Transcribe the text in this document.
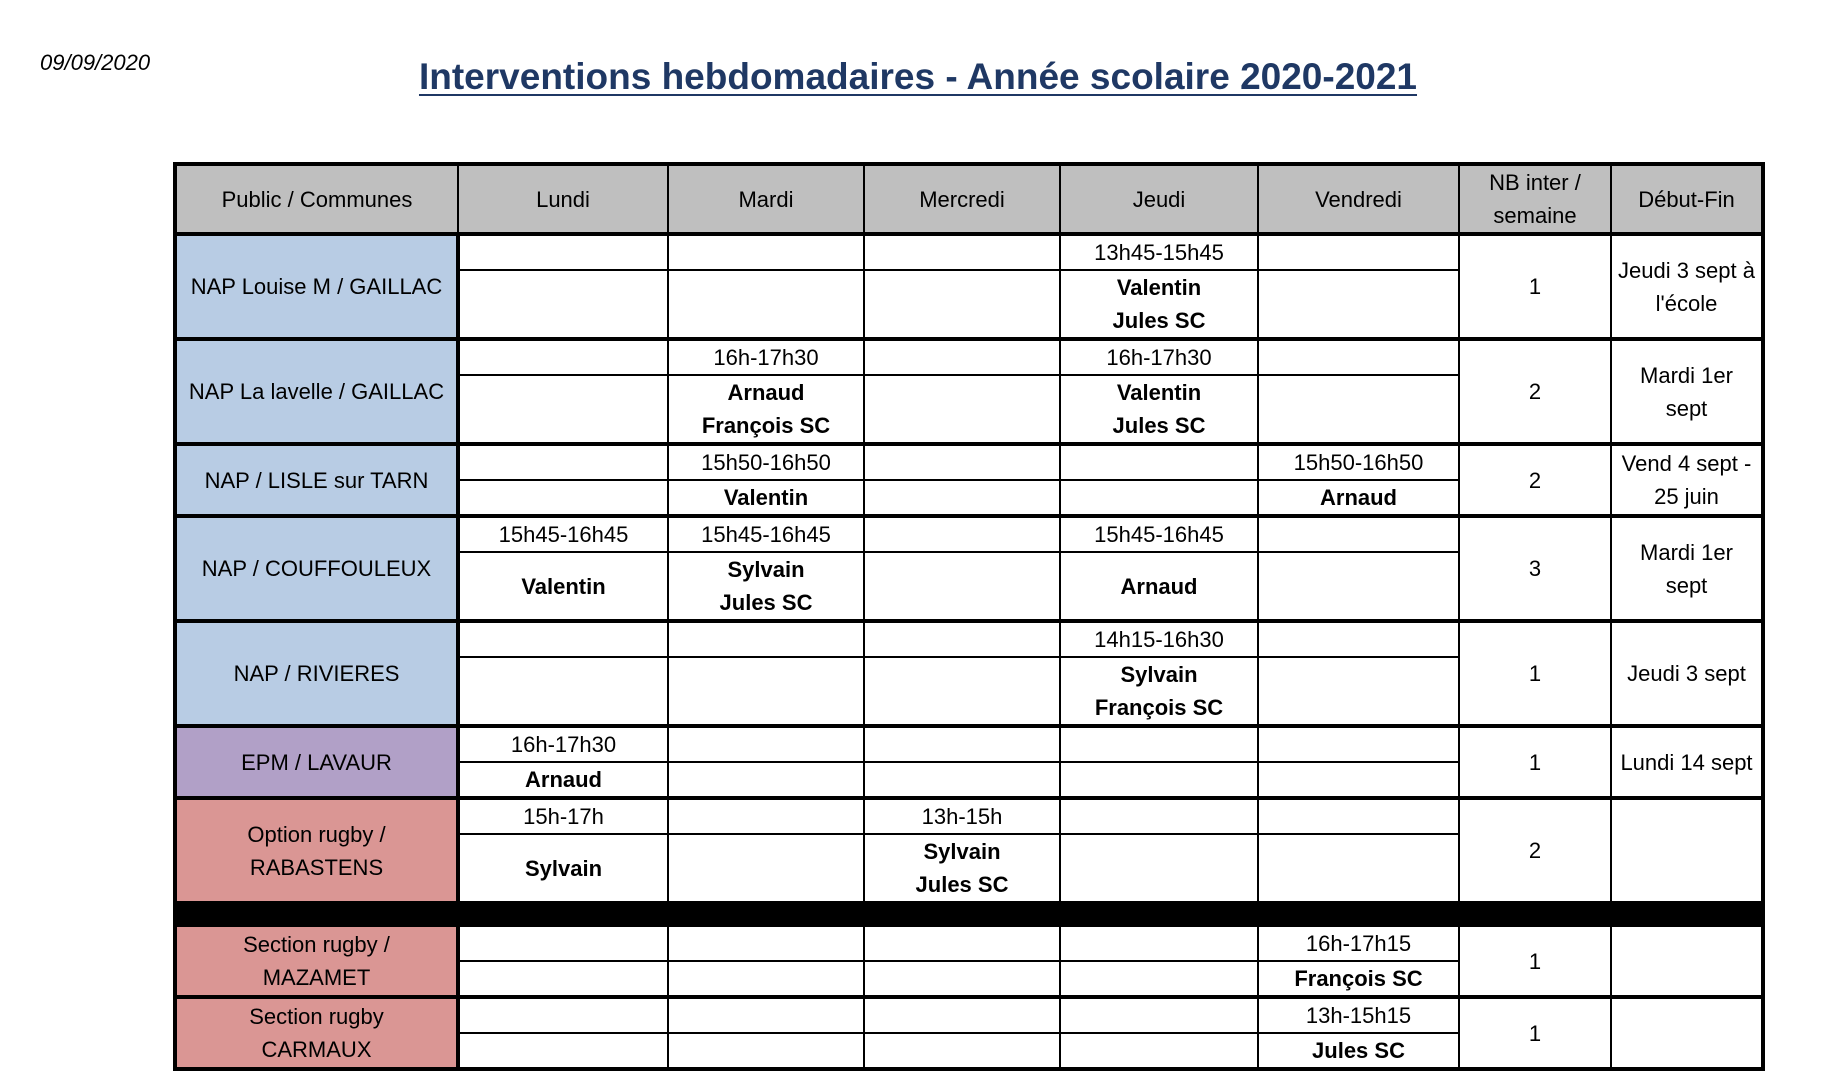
09/09/2020	Interventions hebdomadaires - Année scolaire 2020-2021
Public / Communes	Lundi	Mardi	Mercredi	Jeudi	Vendredi	NB inter /
semaine	Début-Fin
NAP Louise M / GAILLAC				13h45-15h45		1	Jeudi 3 sept à
l'école
				Valentin
Jules SC			
NAP La lavelle / GAILLAC		16h-17h30		16h-17h30		2	Mardi 1er
sept
		Arnaud
François SC		Valentin
Jules SC			
NAP / LISLE sur TARN		15h50-16h50			15h50-16h50	2	Vend 4 sept -
25 juin
		Valentin			Arnaud		
NAP / COUFFOULEUX	15h45-16h45	15h45-16h45		15h45-16h45		3	Mardi 1er
sept
	Valentin	Sylvain
Jules SC		Arnaud			
NAP / RIVIERES				14h15-16h30		1	Jeudi 3 sept
				Sylvain
François SC			
EPM / LAVAUR	16h-17h30					1	Lundi 14 sept
	Arnaud						
Option rugby /
RABASTENS	15h-17h		13h-15h			2	
	Sylvain		Sylvain
Jules SC				

Section rugby /
MAZAMET					16h-17h15	1	
					François SC		
Section rugby
CARMAUX					13h-15h15	1	
					Jules SC		
